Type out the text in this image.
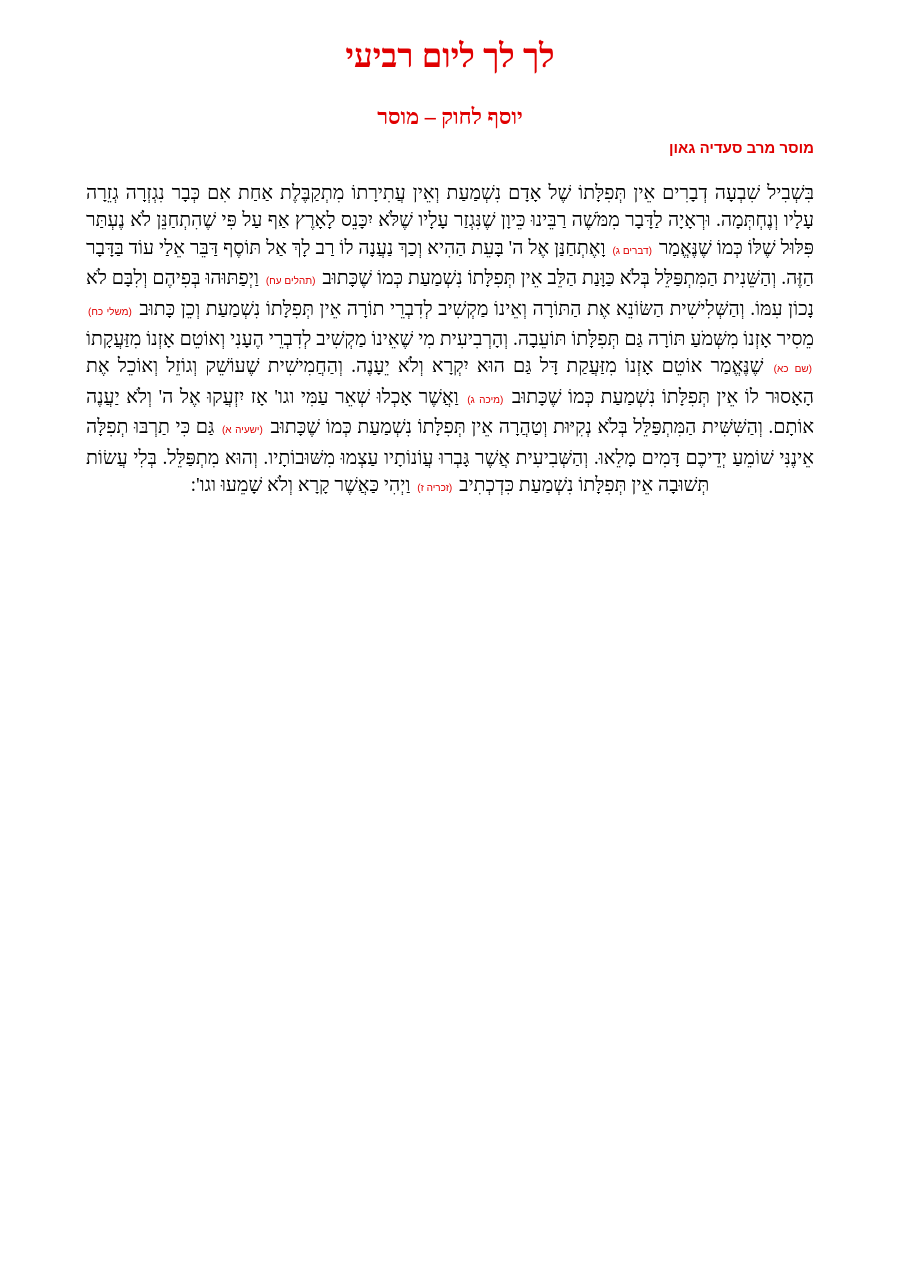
לך לך ליום רביעי
יוסף לחוק – מוסר
מוסר מרב סעדיה גאון

בִּשְׁבִיל שִׁבְעָה דְבָרִים אֵין תְּפִלָּתוֹ שֶׁל אָדָם נִשְׁמַעַת וְאֵין עֲתִירָתוֹ מִתְקַבֶּלֶת אַחַת אִם כְּבָר נִגְזְרָה גְזֵרָה עָלָיו וְנֶחְתְּמָה. וּרְאָיָה לַדָּבָר מִמֹּשֶׁה רַבֵּינוּ כֵּיוָן שֶׁנִּגְזַר עָלָיו שֶׁלֹּא יִכָּנֵס לָאָרֶץ אַף עַל פִּי שֶׁהִתְחַנֵּן לֹא נֶעְתַּר פִּלּוּל שֶׁלּוֹ כְּמוֹ שֶׁנֶּאֱמַר (דברים ג) וָאֶתְחַנַּן אֶל ה' בָּעֵת הַהִיא וְכַךְ נַעֲנָה לוֹ רַב לָךְ אַל תּוֹסֶף דַּבֵּר אֵלַי עוֹד בַּדָּבָר הַזֶּה. וְהַשֵּׁנִית הַמִּתְפַּלֵּל בְּלֹא כַּוָּנַת הַלֵּב אֵין תְּפִלָּתוֹ נִשְׁמַעַת כְּמוֹ שֶׁכָּתוּב (תהלים עח) וַיְפַתּוּהוּ בְּפִיהֶם וְלִבָּם לֹא נָכוֹן עִמּוֹ. וְהַשְּׁלִישִׁית הַשּׂוֹנֵא אֶת הַתּוֹרָה וְאֵינוֹ מַקְשִׁיב לְדִבְרֵי תוֹרָה אֵין תְּפִלָּתוֹ נִשְׁמַעַת וְכֵן כָּתוּב (משלי כח) מֵסִיר אָזְנוֹ מִשְּׁמֹעַ תּוֹרָה גַּם תְּפִלָּתוֹ תּוֹעֵבָה. וְהָרְבִיעִית מִי שֶׁאֵינוֹ מַקְשִׁיב לְדִבְרֵי הֶעָנִי וְאוֹטֵם אָזְנוֹ מִזַּעֲקָתוֹ (שם כא) שֶׁנֶּאֱמַר אוֹטֵם אָזְנוֹ מִזַּעֲקַת דָּל גַּם הוּא יִקְרָא וְלֹא יֵעָנֶה. וְהַחֲמִישִׁית שֶׁעוֹשֵׁק וְגוֹזֵל וְאוֹכֵל אֶת הָאָסוּר לוֹ אֵין תְּפִלָּתוֹ נִשְׁמַעַת כְּמוֹ שֶׁכָּתוּב (מיכה ג) וַאֲשֶׁר אָכְלוּ שְׁאֵר עַמִּי וגו' אָז יִזְעֲקוּ אֶל ה' וְלֹא יַעֲנֶה אוֹתָם. וְהַשִּׁשִּׁית הַמִּתְפַּלֵּל בְּלֹא נְקִיּוּת וְטַהֲרָה אֵין תְּפִלָּתוֹ נִשְׁמַעַת כְּמוֹ שֶׁכָּתוּב (ישעיה א) גַּם כִּי תַרְבּוּ תְפִלָּה אֵינֶנִּי שׁוֹמֵעַ יְדֵיכֶם דָּמִים מָלֵאוּ. וְהַשְּׁבִיעִית אֲשֶׁר גָּבְרוּ עֲוֹנוֹתָיו עַצְמוּ מִשּׁוּבוֹתָיו. וְהוּא מִתְפַּלֵּל. בְּלִי עֲשׂוֹת תְּשׁוּבָה אֵין תְּפִלָּתוֹ נִשְׁמַעַת כִּדְכְתִיב (זכריה ז) וַיְהִי כַּאֲשֶׁר קָרָא וְלֹא שָׁמֵעוּ וגו':
